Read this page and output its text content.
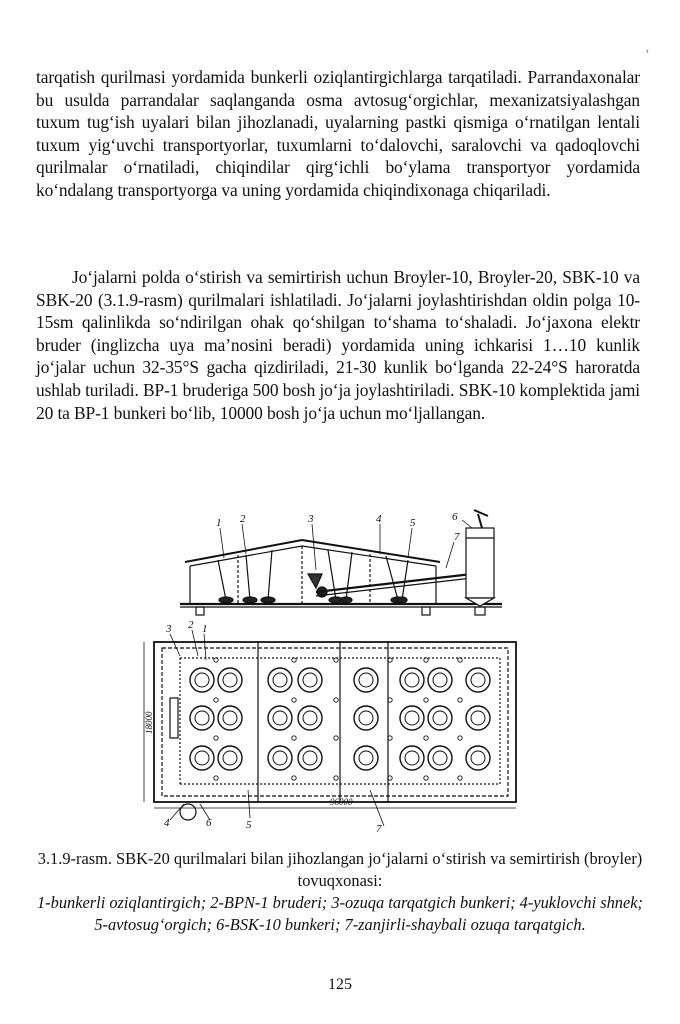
,

tarqatish qurilmasi yordamida bunkerli oziqlantirgichlarga tarqatiladi. Parrandaxonalar bu usulda parrandalar saqlanganda osma avtosug‘orgichlar, mexanizatsiyalashgan tuxum tug‘ish uyalari bilan jihozlanadi, uyalarning pastki qismiga o‘rnatilgan lentali tuxum yig‘uvchi transportyorlar, tuxumlarni to‘dalovchi, saralovchi va qadoqlovchi qurilmalar o‘rnatiladi, chiqindilar qirg‘ichli bo‘ylama transportyor yordamida ko‘ndalang transportyorga va uning yordamida chiqindixonaga chiqariladi.

Jo‘jalarni polda o‘stirish va semirtirish uchun Broyler-10, Broyler-20, SBK-10 va SBK-20 (3.1.9-rasm) qurilmalari ishlatiladi. Jo‘jalarni joylashtirishdan oldin polga 10-15sm qalinlikda so‘ndirilgan ohak qo‘shilgan to‘shama to‘shaladi. Jo‘jaxona elektr bruder (inglizcha uya ma’nosini beradi) yordamida uning ichkarisi 1…10 kunlik jo‘jalar uchun 32-35°S gacha qizdiriladi, 21-30 kunlik bo‘lganda 22-24°S haroratda ushlab turiladi. BP-1 bruderiga 500 bosh jo‘ja joylashtiriladi. SBK-10 komplektida jami 20 ta BP-1 bunkeri bo‘lib, 10000 bosh jo‘ja uchun mo‘ljallangan.

1 2	3	4	5	6
7
3 2 1
4	6	5	7
96000
18000
3.1.9-rasm. SBK-20 qurilmalari bilan jihozlangan jo‘jalarni o‘stirish va semirtirish (broyler) tovuqxonasi:
1-bunkerli oziqlantirgich; 2-BPN-1 bruderi; 3-ozuqa tarqatgich bunkeri; 4-yuklovchi shnek; 5-avtosug‘orgich; 6-BSK-10 bunkeri; 7-zanjirli-shaybali ozuqa tarqatgich.
125
